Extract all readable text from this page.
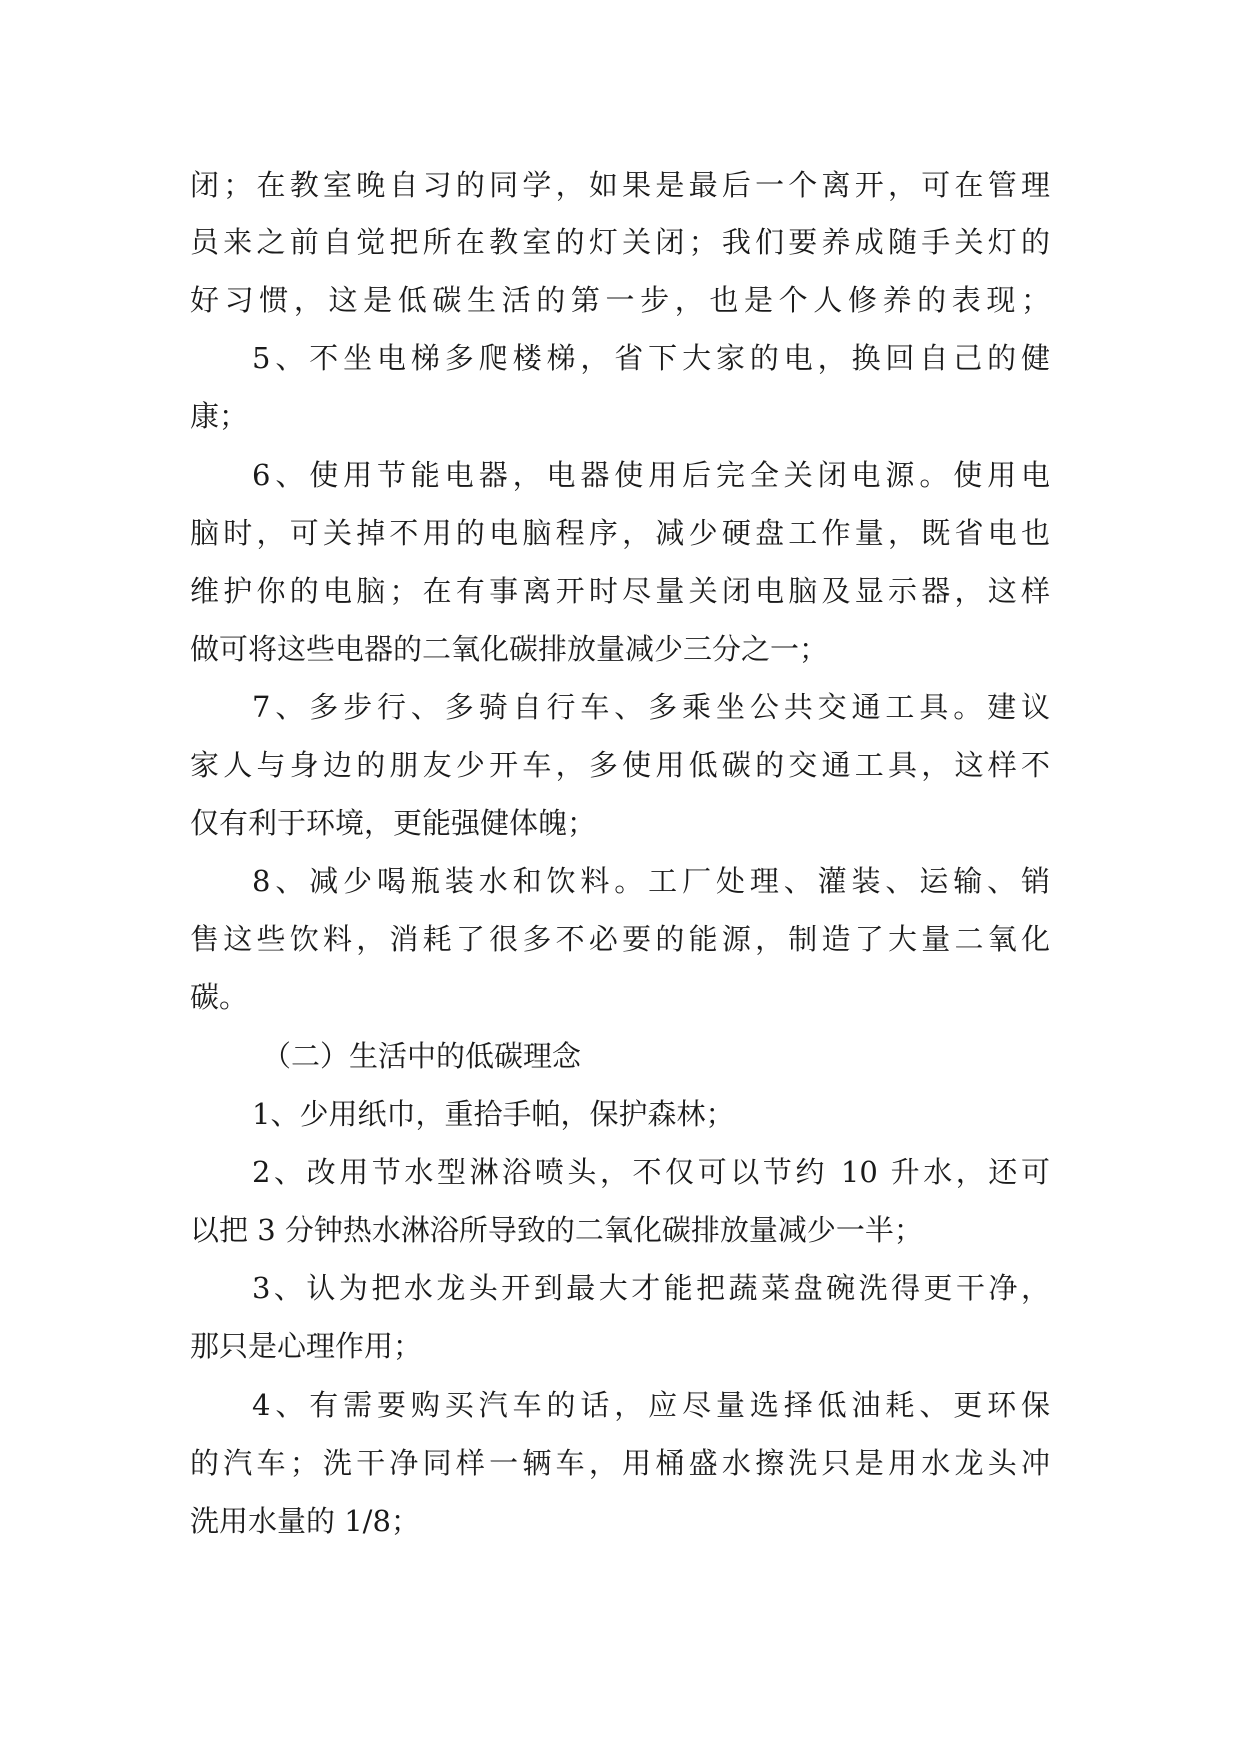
闭；在教室晚自习的同学，如果是最后一个离开，可在管理
员来之前自觉把所在教室的灯关闭；我们要养成随手关灯的
好习惯，这是低碳生活的第一步，也是个人修养的表现；
5、不坐电梯多爬楼梯，省下大家的电，换回自己的健
康；
6、使用节能电器，电器使用后完全关闭电源。使用电
脑时，可关掉不用的电脑程序，减少硬盘工作量，既省电也
维护你的电脑；在有事离开时尽量关闭电脑及显示器，这样
做可将这些电器的二氧化碳排放量减少三分之一；
7、多步行、多骑自行车、多乘坐公共交通工具。建议
家人与身边的朋友少开车，多使用低碳的交通工具，这样不
仅有利于环境，更能强健体魄；
8、减少喝瓶装水和饮料。工厂处理、灌装、运输、销
售这些饮料，消耗了很多不必要的能源，制造了大量二氧化
碳。
（二）生活中的低碳理念
1、少用纸巾，重拾手帕，保护森林；
2、改用节水型淋浴喷头，不仅可以节约 10 升水，还可
以把 3 分钟热水淋浴所导致的二氧化碳排放量减少一半；
3、认为把水龙头开到最大才能把蔬菜盘碗洗得更干净，
那只是心理作用；
4、有需要购买汽车的话，应尽量选择低油耗、更环保
的汽车；洗干净同样一辆车，用桶盛水擦洗只是用水龙头冲
洗用水量的 1/8；
